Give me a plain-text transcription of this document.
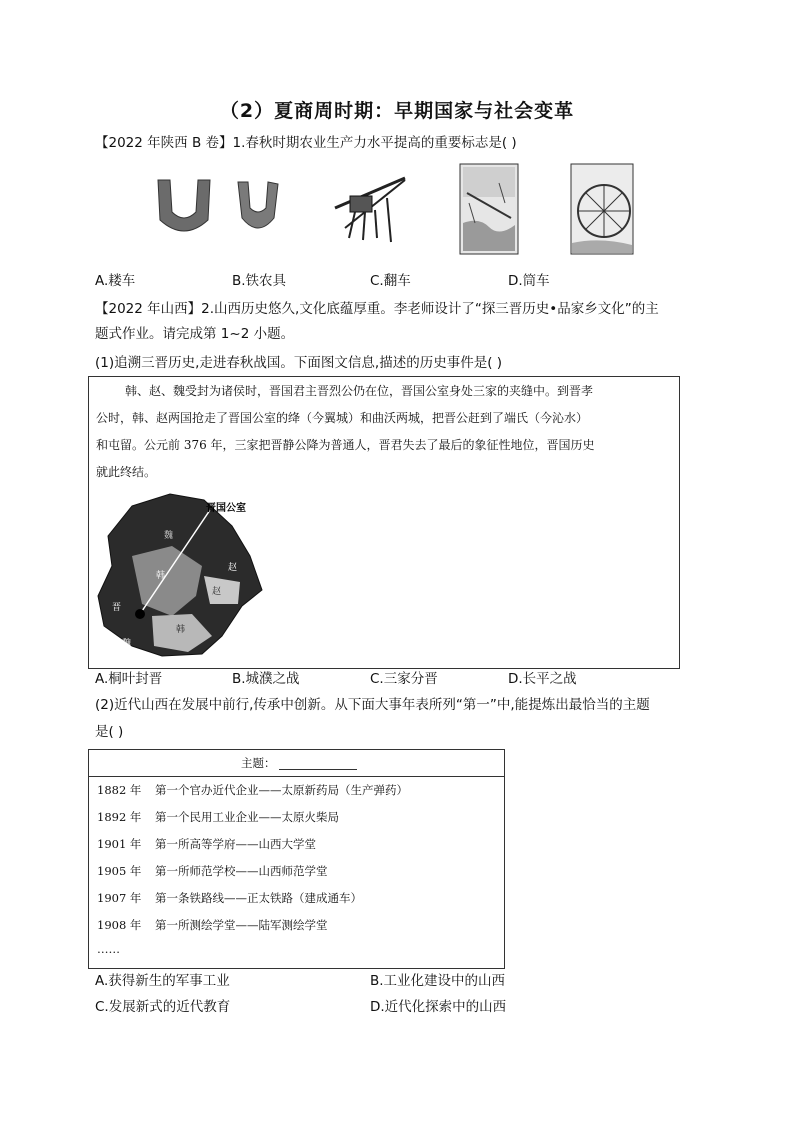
（2）夏商周时期：早期国家与社会变革
【2022 年陕西 B 卷】1.春秋时期农业生产力水平提高的重要标志是( )
A.耧车	B.铁农具	C.翻车	D.筒车
【2022 年山西】2.山西历史悠久,文化底蕴厚重。李老师设计了“探三晋历史•品家乡文化”的主
题式作业。请完成第 1~2 小题。
(1)追溯三晋历史,走进春秋战国。下面图文信息,描述的历史事件是( )
韩、赵、魏受封为诸侯时，晋国君主晋烈公仍在位，晋国公室身处三家的夹缝中。到晋孝
公时，韩、赵两国抢走了晋国公室的绛（今翼城）和曲沃两城，把晋公赶到了端氏（今沁水）
和屯留。公元前 376 年，三家把晋静公降为普通人，晋君失去了最后的象征性地位，晋国历史
就此终结。
晋国公室
魏
韩
赵
晋
韩
魏
赵
A.桐叶封晋	B.城濮之战	C.三家分晋	D.长平之战
(2)近代山西在发展中前行,传承中创新。从下面大事年表所列“第一”中,能提炼出最恰当的主题
是( )
主题：
1882 年 第一个官办近代企业——太原新药局（生产弹药）
1892 年 第一个民用工业企业——太原火柴局
1901 年 第一所高等学府——山西大学堂
1905 年 第一所师范学校——山西师范学堂
1907 年 第一条铁路线——正太铁路（建成通车）
1908 年 第一所测绘学堂——陆军测绘学堂
……
A.获得新生的军事工业	B.工业化建设中的山西
C.发展新式的近代教育	D.近代化探索中的山西
